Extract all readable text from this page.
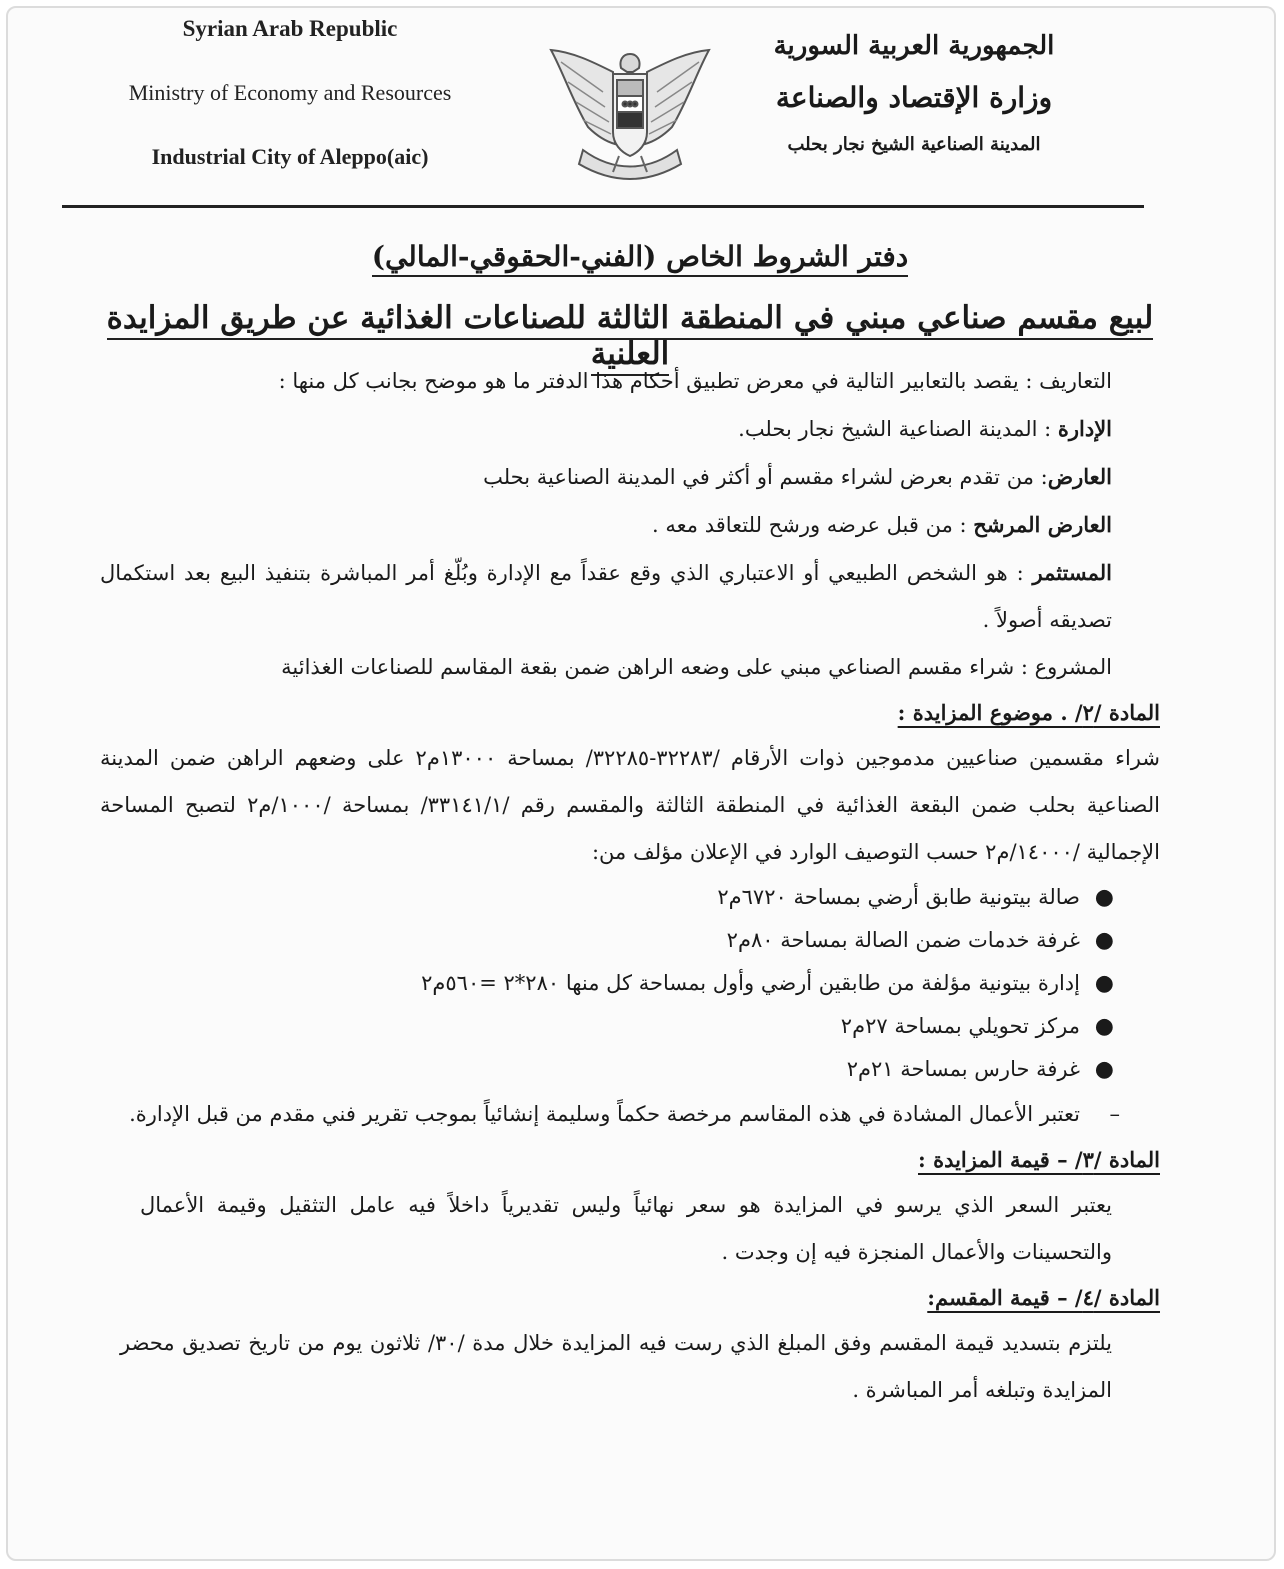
Syrian Arab Republic
Ministry of Economy and Resources
Industrial City of Aleppo(aic)
الجمهورية العربية السورية
وزارة الإقتصاد والصناعة
المدينة الصناعية الشيخ نجار بحلب
دفتر الشروط الخاص (الفني-الحقوقي-المالي)
لبيع مقسم صناعي مبني في المنطقة الثالثة للصناعات الغذائية عن طريق المزايدة العلنية

التعاريف : يقصد بالتعابير التالية في معرض تطبيق أحكام هذا الدفتر ما هو موضح بجانب كل منها :

الإدارة : المدينة الصناعية الشيخ نجار بحلب.

العارض: من تقدم بعرض لشراء مقسم أو أكثر في المدينة الصناعية بحلب

العارض المرشح : من قبل عرضه ورشح للتعاقد معه .

المستثمر : هو الشخص الطبيعي أو الاعتباري الذي وقع عقداً مع الإدارة وبُلّغ أمر المباشرة بتنفيذ البيع بعد استكمال تصديقه أصولاً .

المشروع : شراء مقسم الصناعي مبني على وضعه الراهن ضمن بقعة المقاسم للصناعات الغذائية

المادة /٢/ . موضوع المزايدة :

شراء مقسمين صناعيين مدموجين ذوات الأرقام /٣٢٢٨٣-٣٢٢٨٥/ بمساحة ١٣٠٠٠م٢ على وضعهم الراهن ضمن المدينة الصناعية بحلب ضمن البقعة الغذائية في المنطقة الثالثة والمقسم رقم /٣٣١٤١/١/ بمساحة /١٠٠٠/م٢ لتصبح المساحة الإجمالية /١٤٠٠٠/م٢ حسب التوصيف الوارد في الإعلان مؤلف من:

●
صالة بيتونية طابق أرضي بمساحة ٦٧٢٠م٢
●
غرفة خدمات ضمن الصالة بمساحة ٨٠م٢
●
إدارة بيتونية مؤلفة من طابقين أرضي وأول بمساحة كل منها ٢٨٠*٢ =٥٦٠م٢
●
مركز تحويلي بمساحة ٢٧م٢
●
غرفة حارس بمساحة ٢١م٢

–
تعتبر الأعمال المشادة في هذه المقاسم مرخصة حكماً وسليمة إنشائياً بموجب تقرير فني مقدم من قبل الإدارة.

المادة /٣/ – قيمة المزايدة :

يعتبر السعر الذي يرسو في المزايدة هو سعر نهائياً وليس تقديرياً داخلاً فيه عامل التثقيل وقيمة الأعمال والتحسينات والأعمال المنجزة فيه إن وجدت .

المادة /٤/ – قيمة المقسم:

يلتزم بتسديد قيمة المقسم وفق المبلغ الذي رست فيه المزايدة خلال مدة /٣٠/ ثلاثون يوم من تاريخ تصديق محضر المزايدة وتبلغه أمر المباشرة .
